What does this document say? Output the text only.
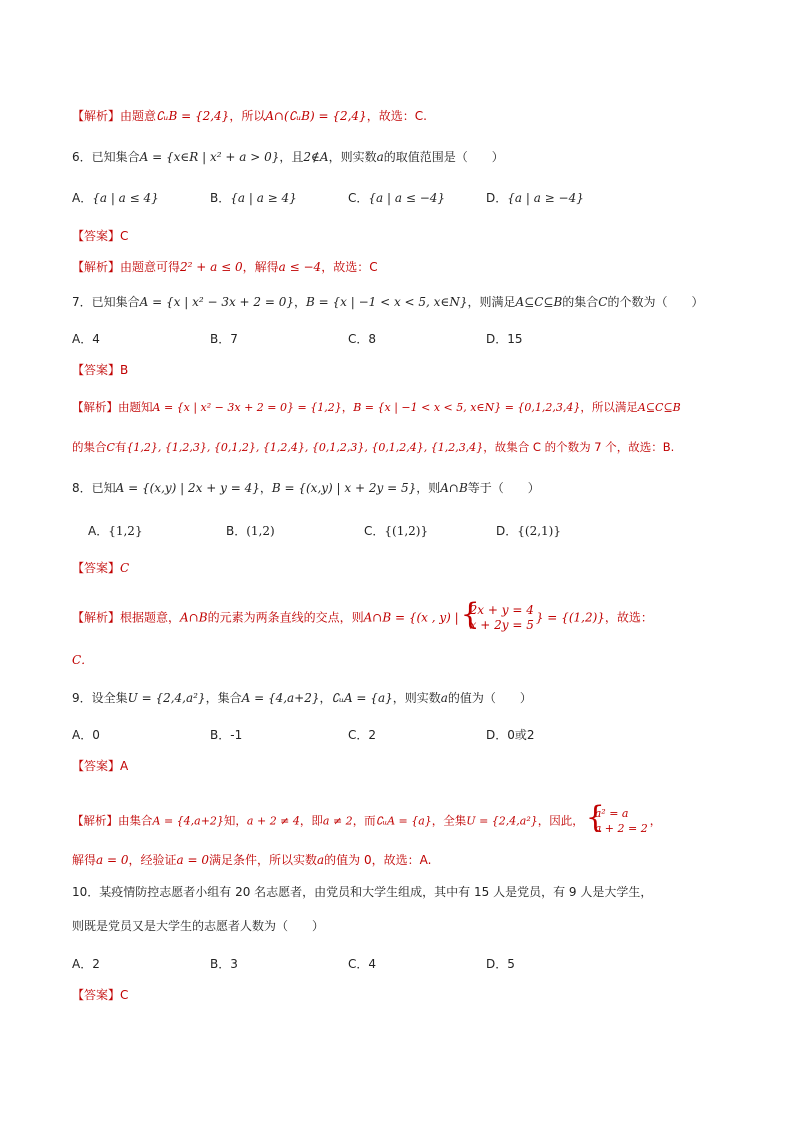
【解析】由题意∁ᵤB = {2,4}，所以A∩(∁ᵤB) = {2,4}，故选：C.
6．已知集合A = {x∈R | x² + a > 0}，且2∉A，则实数a的取值范围是（　　）
A．{a | a ≤ 4}	B．{a | a ≥ 4}	C．{a | a ≤ −4}	D．{a | a ≥ −4}
【答案】C
【解析】由题意可得2² + a ≤ 0，解得a ≤ −4，故选：C
7．已知集合A = {x | x² − 3x + 2 = 0}，B = {x | −1 < x < 5, x∈N}，则满足A⊆C⊆B的集合C的个数为（　　）
A．4	B．7	C．8	D．15
【答案】B
【解析】由题知A = {x | x² − 3x + 2 = 0} = {1,2}，B = {x | −1 < x < 5, x∈N} = {0,1,2,3,4}，所以满足A⊆C⊆B
的集合C有{1,2}, {1,2,3}, {0,1,2}, {1,2,4}, {0,1,2,3}, {0,1,2,4}, {1,2,3,4}，故集合 C 的个数为 7 个，故选：B.
8．已知A = {(x,y) | 2x + y = 4}，B = {(x,y) | x + 2y = 5}，则A∩B等于（　　）
A．{1,2}	B．(1,2)	C．{(1,2)}	D．{(2,1)}
【答案】C
【解析】根据题意，A∩B的元素为两条直线的交点，则A∩B = {(x , y) | {
2x + y = 4
x + 2y = 5
} = {(1,2)}，故选：
C．
9．设全集U = {2,4,a²}，集合A = {4,a+2}，∁ᵤA = {a}，则实数a的值为（　　）
A．0	B．-1	C．2	D．0或2
【答案】A
【解析】由集合A = {4,a+2}知，a + 2 ≠ 4，即a ≠ 2，而∁ᵤA = {a}，全集U = {2,4,a²}，因此， {
a² = a
a + 2 = 2
，
解得a = 0，经验证a = 0满足条件，所以实数a的值为 0，故选：A.
10．某疫情防控志愿者小组有 20 名志愿者，由党员和大学生组成，其中有 15 人是党员，有 9 人是大学生，
则既是党员又是大学生的志愿者人数为（　　）
A．2	B．3	C．4	D．5
【答案】C
